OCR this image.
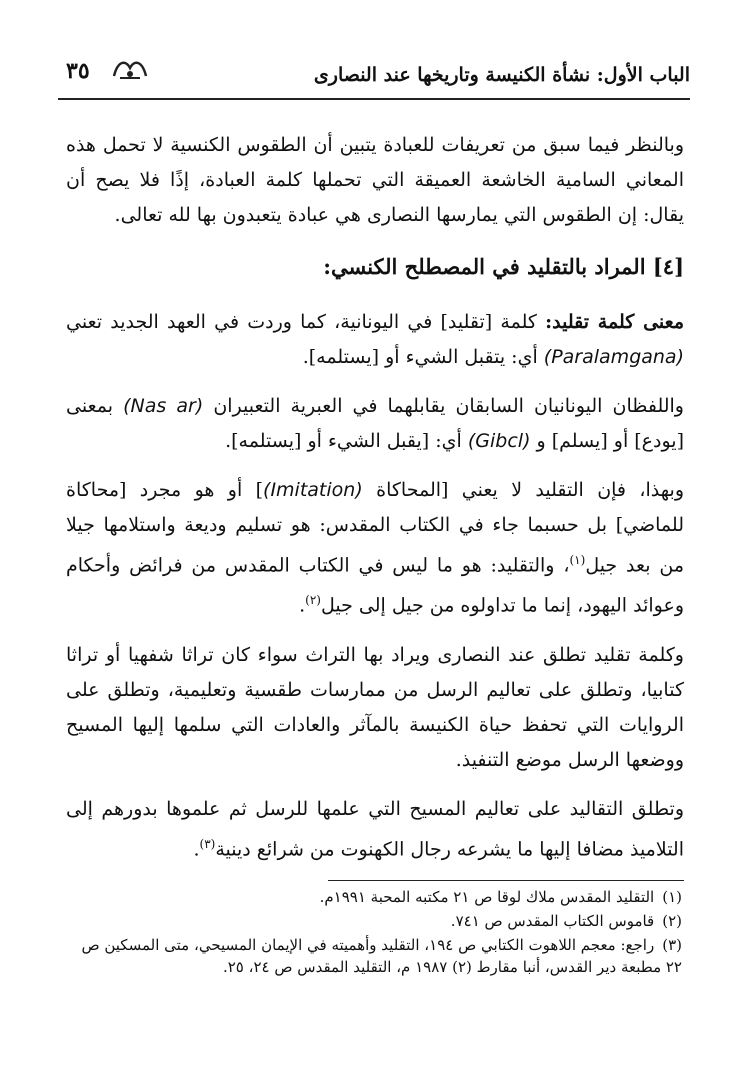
الباب الأول: نشأة الكنيسة وتاريخها عند النصارى
٣٥

وبالنظر فيما سبق من تعريفات للعبادة يتبين أن الطقوس الكنسية لا تحمل هذه المعاني السامية الخاشعة العميقة التي تحملها كلمة العبادة، إذًا فلا يصح أن يقال: إن الطقوس التي يمارسها النصارى هي عبادة يتعبدون بها لله تعالى.

[٤] المراد بالتقليد في المصطلح الكنسي:

معنى كلمة تقليد: كلمة [تقليد] في اليونانية، كما وردت في العهد الجديد تعني (Paralamgana) أي: يتقبل الشيء أو [يستلمه].

واللفظان اليونانيان السابقان يقابلهما في العبرية التعبيران (Nas ar) بمعنى [يودع] أو [يسلم] و (Gibcl) أي: [يقبل الشيء أو [يستلمه].

وبهذا، فإن التقليد لا يعني [المحاكاة (Imitation)] أو هو مجرد [محاكاة للماضي] بل حسبما جاء في الكتاب المقدس: هو تسليم وديعة واستلامها جيلا من بعد جيل$^{(١)}$، والتقليد: هو ما ليس في الكتاب المقدس من فرائض وأحكام وعوائد اليهود، إنما ما تداولوه من جيل إلى جيل$^{(٢)}$.

وكلمة تقليد تطلق عند النصارى ويراد بها التراث سواء كان تراثا شفهيا أو تراثا كتابيا، وتطلق على تعاليم الرسل من ممارسات طقسية وتعليمية، وتطلق على الروايات التي تحفظ حياة الكنيسة بالمآثر والعادات التي سلمها إليها المسيح ووضعها الرسل موضع التنفيذ.

وتطلق التقاليد على تعاليم المسيح التي علمها للرسل ثم علموها بدورهم إلى التلاميذ مضافا إليها ما يشرعه رجال الكهنوت من شرائع دينية$^{(٣)}$.

(١)التقليد المقدس ملاك لوقا ص ٢١ مكتبه المحبة ١٩٩١م.

(٢)قاموس الكتاب المقدس ص ٧٤١.

(٣)راجع: معجم اللاهوت الكتابي ص ١٩٤، التقليد وأهميته في الإيمان المسيحي، متى المسكين ص ٢٢ مطبعة دير القدس، أنبا مقارط (٢) ١٩٨٧ م، التقليد المقدس ص ٢٤، ٢٥.
